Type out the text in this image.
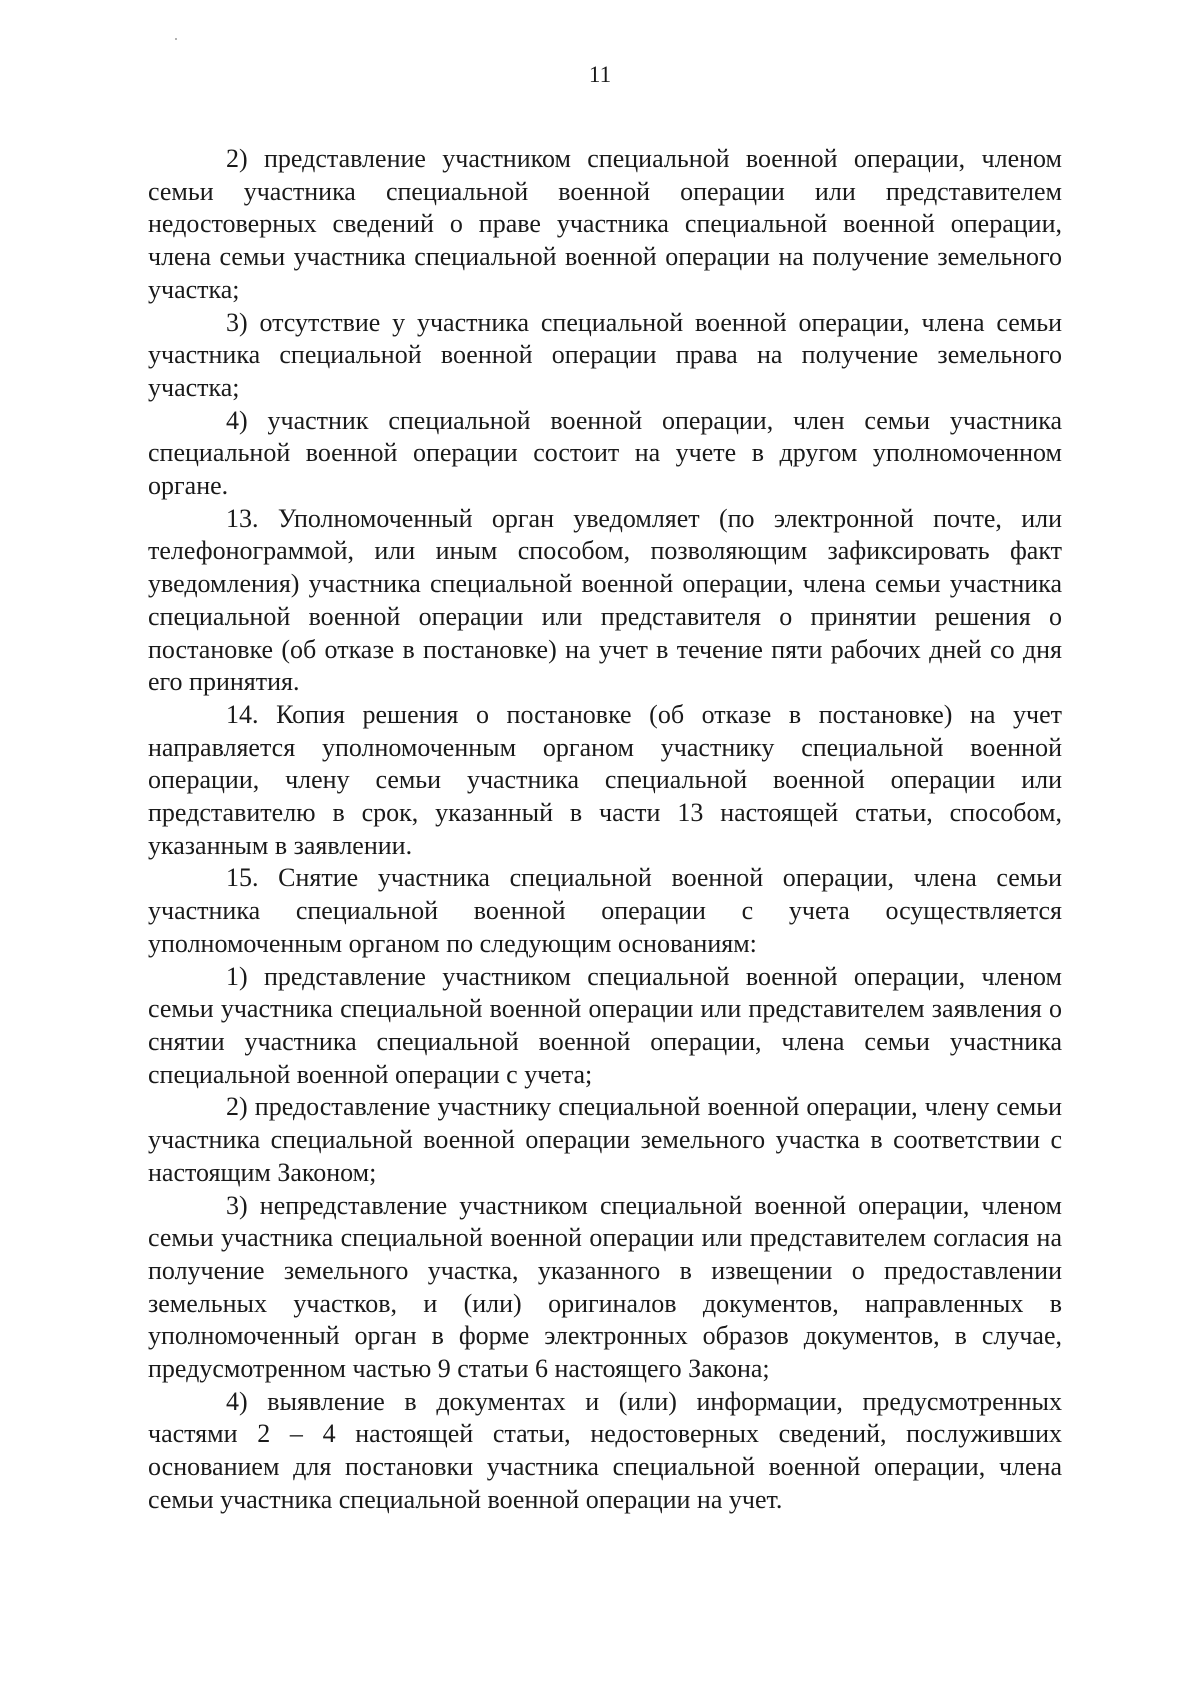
11

2) представление участником специальной военной операции, членом семьи участника специальной военной операции или представителем недостоверных сведений о праве участника специальной военной операции, члена семьи участника специальной военной операции на получение земельного участка;

3) отсутствие у участника специальной военной операции, члена семьи участника специальной военной операции права на получение земельного участка;

4) участник специальной военной операции, член семьи участника специальной военной операции состоит на учете в другом уполномоченном органе.

13. Уполномоченный орган уведомляет (по электронной почте, или телефонограммой, или иным способом, позволяющим зафиксировать факт уведомления) участника специальной военной операции, члена семьи участника специальной военной операции или представителя о принятии решения о постановке (об отказе в постановке) на учет в течение пяти рабочих дней со дня его принятия.

14. Копия решения о постановке (об отказе в постановке) на учет направляется уполномоченным органом участнику специальной военной операции, члену семьи участника специальной военной операции или представителю в срок, указанный в части 13 настоящей статьи, способом, указанным в заявлении.

15. Снятие участника специальной военной операции, члена семьи участника специальной военной операции с учета осуществляется уполномоченным органом по следующим основаниям:

1) представление участником специальной военной операции, членом семьи участника специальной военной операции или представителем заявления о снятии участника специальной военной операции, члена семьи участника специальной военной операции с учета;

2) предоставление участнику специальной военной операции, члену семьи участника специальной военной операции земельного участка в соответствии с настоящим Законом;

3) непредставление участником специальной военной операции, членом семьи участника специальной военной операции или представителем согласия на получение земельного участка, указанного в извещении о предоставлении земельных участков, и (или) оригиналов документов, направленных в уполномоченный орган в форме электронных образов документов, в случае, предусмотренном частью 9 статьи 6 настоящего Закона;

4) выявление в документах и (или) информации, предусмотренных частями 2 – 4 настоящей статьи, недостоверных сведений, послуживших основанием для постановки участника специальной военной операции, члена семьи участника специальной военной операции на учет.
